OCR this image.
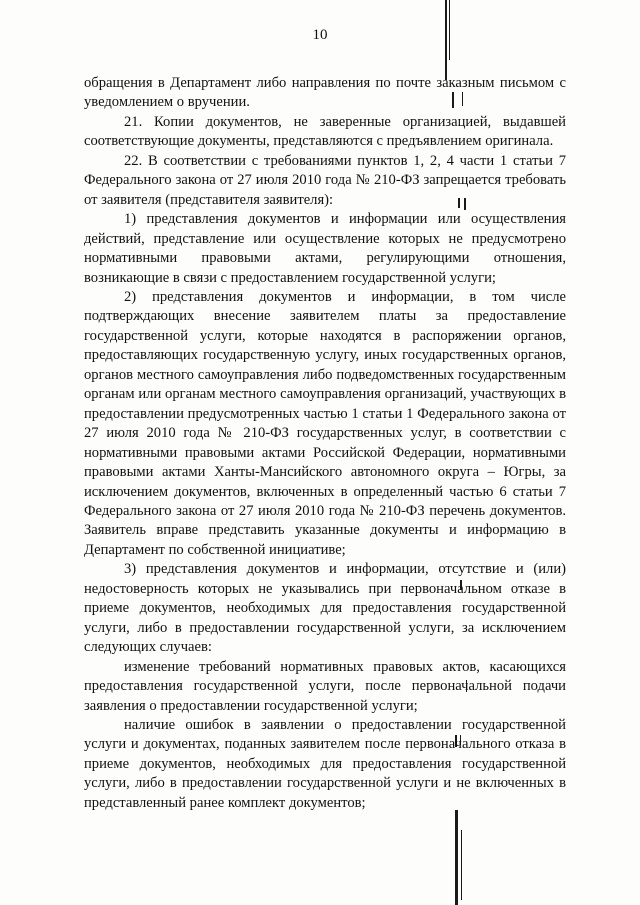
10

обращения в Департамент либо направления по почте заказным письмом с уведомлением о вручении.

21. Копии документов, не заверенные организацией, выдавшей соответствующие документы, представляются с предъявлением оригинала.

22. В соответствии с требованиями пунктов 1, 2, 4 части 1 статьи 7 Федерального закона от 27 июля 2010 года № 210-ФЗ запрещается требовать от заявителя (представителя заявителя):

1) представления документов и информации или осуществления действий, представление или осуществление которых не предусмотрено нормативными правовыми актами, регулирующими отношения, возникающие в связи с предоставлением государственной услуги;

2) представления документов и информации, в том числе подтверждающих внесение заявителем платы за предоставление государственной услуги, которые находятся в распоряжении органов, предоставляющих государственную услугу, иных государственных органов, органов местного самоуправления либо подведомственных государственным органам или органам местного самоуправления организаций, участвующих в предоставлении предусмотренных частью 1 статьи 1 Федерального закона от 27 июля 2010 года № 210-ФЗ государственных услуг, в соответствии с нормативными правовыми актами Российской Федерации, нормативными правовыми актами Ханты-Мансийского автономного округа – Югры, за исключением документов, включенных в определенный частью 6 статьи 7 Федерального закона от 27 июля 2010 года № 210-ФЗ перечень документов. Заявитель вправе представить указанные документы и информацию в Департамент по собственной инициативе;

3) представления документов и информации, отсутствие и (или) недостоверность которых не указывались при первоначальном отказе в приеме документов, необходимых для предоставления государственной услуги, либо в предоставлении государственной услуги, за исключением следующих случаев:

изменение требований нормативных правовых актов, касающихся предоставления государственной услуги, после первоначальной подачи заявления о предоставлении государственной услуги;

наличие ошибок в заявлении о предоставлении государственной услуги и документах, поданных заявителем после первоначального отказа в приеме документов, необходимых для предоставления государственной услуги, либо в предоставлении государственной услуги и не включенных в представленный ранее комплект документов;
